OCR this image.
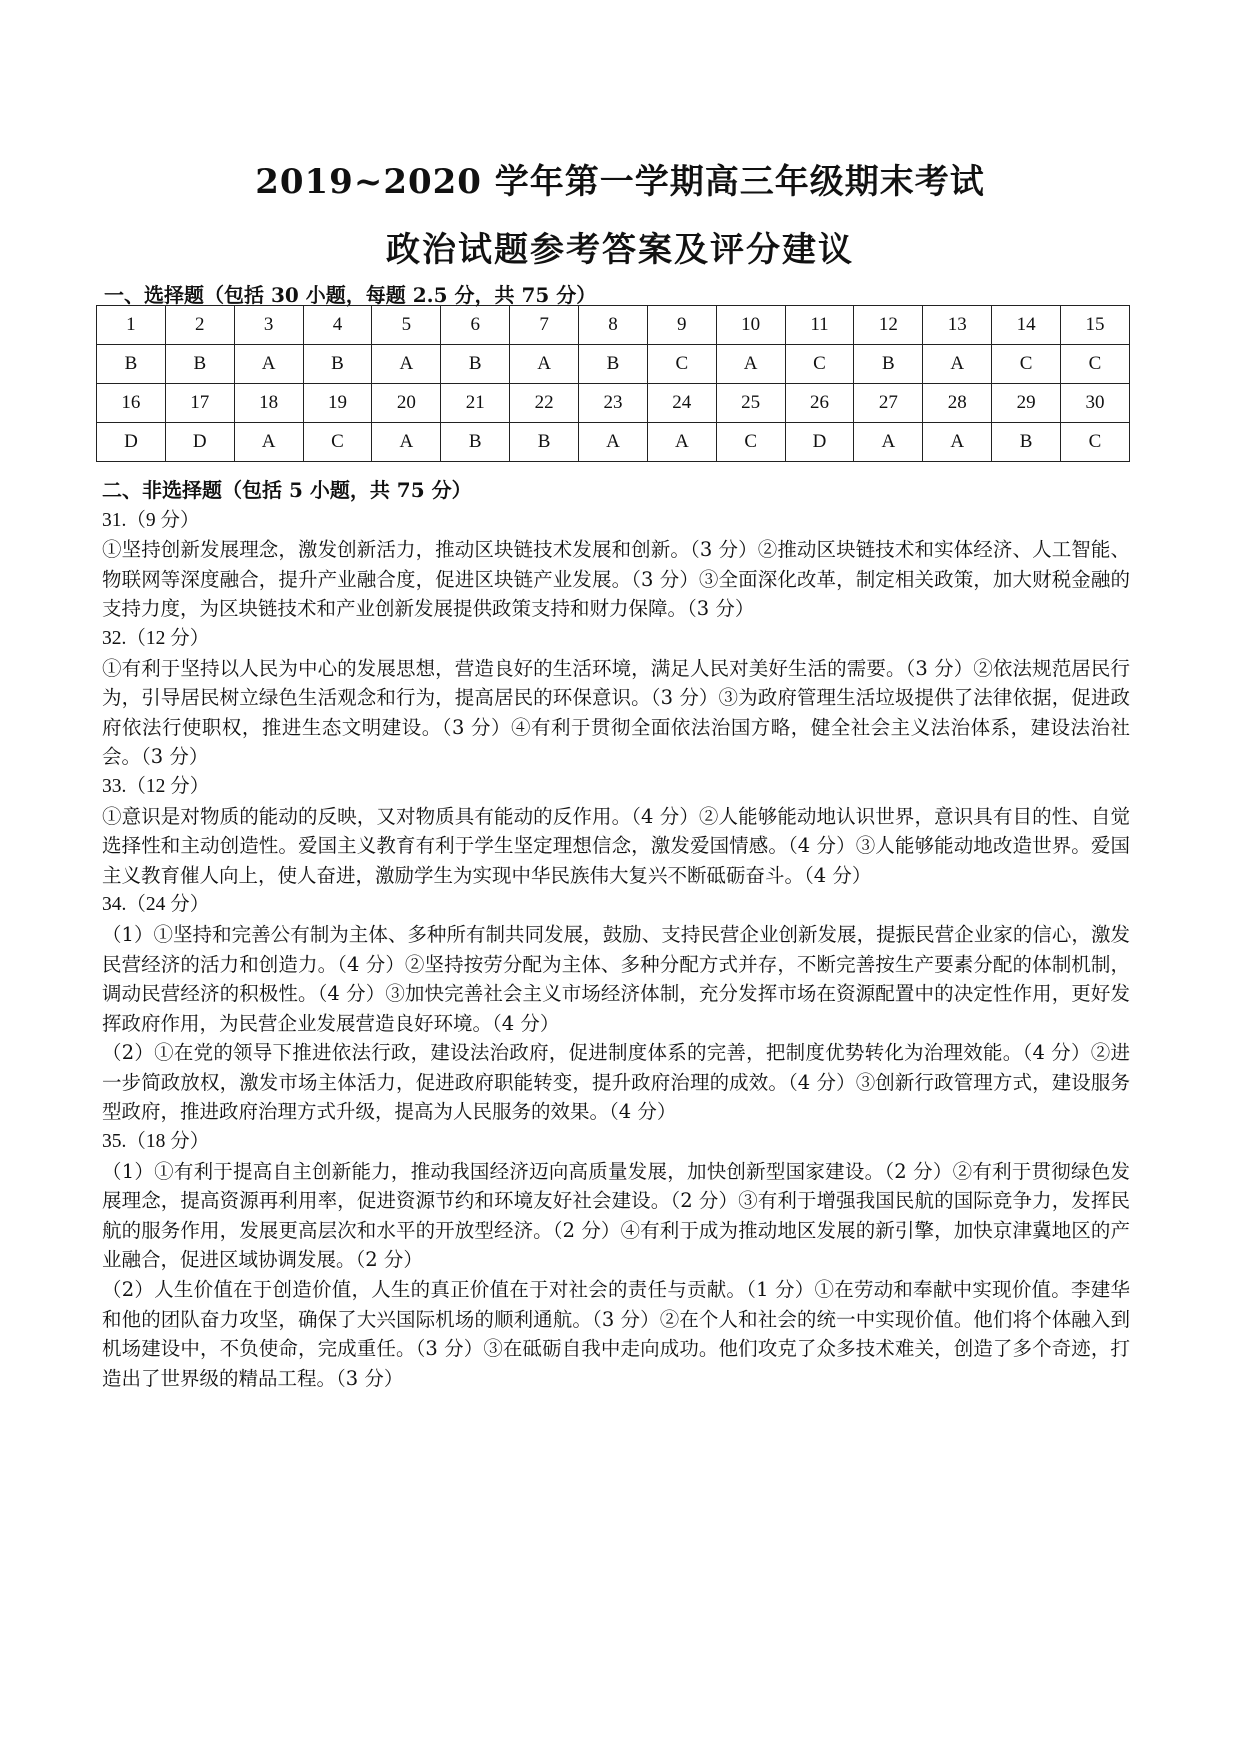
2019~2020 学年第一学期高三年级期末考试
政治试题参考答案及评分建议
一、选择题（包括 30 小题，每题 2.5 分，共 75 分）
1	2	3	4	5	6	7	8	9	10	11	12	13	14	15
B	B	A	B	A	B	A	B	C	A	C	B	A	C	C
16	17	18	19	20	21	22	23	24	25	26	27	28	29	30
D	D	A	C	A	B	B	A	A	C	D	A	A	B	C
二、非选择题（包括 5 小题，共 75 分）

31.（9 分）

①坚持创新发展理念，激发创新活力，推动区块链技术发展和创新。（3 分）②推动区块链技术和实体经济、人工智能、物联网等深度融合，提升产业融合度，促进区块链产业发展。（3 分）③全面深化改革，制定相关政策，加大财税金融的支持力度，为区块链技术和产业创新发展提供政策支持和财力保障。（3 分）

32.（12 分）

①有利于坚持以人民为中心的发展思想，营造良好的生活环境，满足人民对美好生活的需要。（3 分）②依法规范居民行为，引导居民树立绿色生活观念和行为，提高居民的环保意识。（3 分）③为政府管理生活垃圾提供了法律依据，促进政府依法行使职权，推进生态文明建设。（3 分）④有利于贯彻全面依法治国方略，健全社会主义法治体系，建设法治社会。（3 分）

33.（12 分）

①意识是对物质的能动的反映，又对物质具有能动的反作用。（4 分）②人能够能动地认识世界，意识具有目的性、自觉选择性和主动创造性。爱国主义教育有利于学生坚定理想信念，激发爱国情感。（4 分）③人能够能动地改造世界。爱国主义教育催人向上，使人奋进，激励学生为实现中华民族伟大复兴不断砥砺奋斗。（4 分）

34.（24 分）

（1）①坚持和完善公有制为主体、多种所有制共同发展，鼓励、支持民营企业创新发展，提振民营企业家的信心，激发民营经济的活力和创造力。（4 分）②坚持按劳分配为主体、多种分配方式并存，不断完善按生产要素分配的体制机制，调动民营经济的积极性。（4 分）③加快完善社会主义市场经济体制，充分发挥市场在资源配置中的决定性作用，更好发挥政府作用，为民营企业发展营造良好环境。（4 分）

（2）①在党的领导下推进依法行政，建设法治政府，促进制度体系的完善，把制度优势转化为治理效能。（4 分）②进一步简政放权，激发市场主体活力，促进政府职能转变，提升政府治理的成效。（4 分）③创新行政管理方式，建设服务型政府，推进政府治理方式升级，提高为人民服务的效果。（4 分）

35.（18 分）

（1）①有利于提高自主创新能力，推动我国经济迈向高质量发展，加快创新型国家建设。（2 分）②有利于贯彻绿色发展理念，提高资源再利用率，促进资源节约和环境友好社会建设。（2 分）③有利于增强我国民航的国际竞争力，发挥民航的服务作用，发展更高层次和水平的开放型经济。（2 分）④有利于成为推动地区发展的新引擎，加快京津冀地区的产业融合，促进区域协调发展。（2 分）

（2）人生价值在于创造价值，人生的真正价值在于对社会的责任与贡献。（1 分）①在劳动和奉献中实现价值。李建华和他的团队奋力攻坚，确保了大兴国际机场的顺利通航。（3 分）②在个人和社会的统一中实现价值。他们将个体融入到机场建设中，不负使命，完成重任。（3 分）③在砥砺自我中走向成功。他们攻克了众多技术难关，创造了多个奇迹，打造出了世界级的精品工程。（3 分）
